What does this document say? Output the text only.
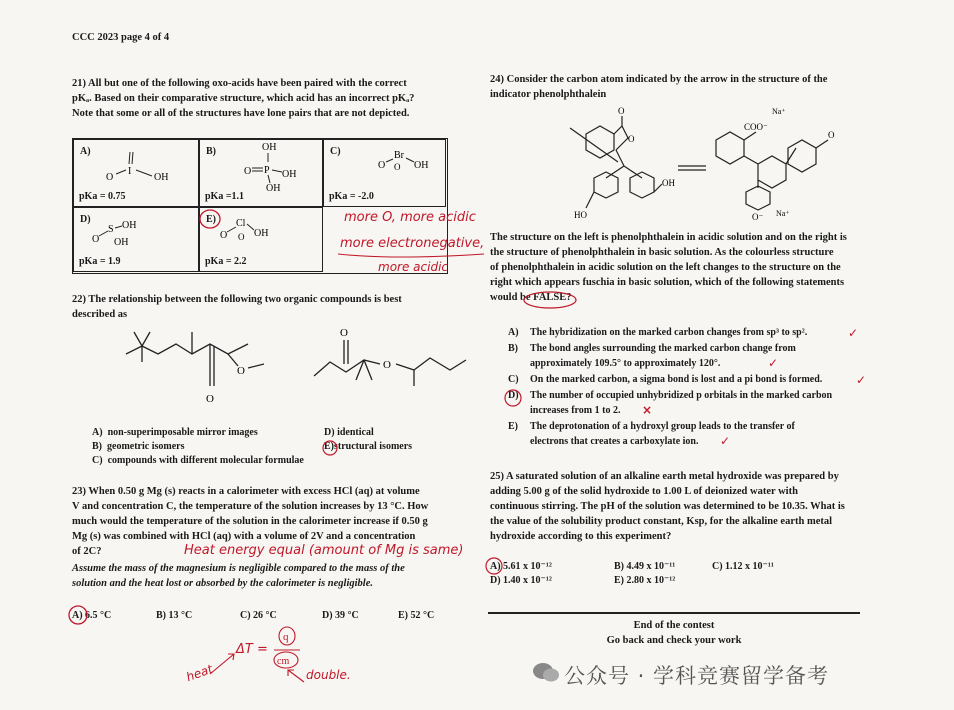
CCC 2023 page 4 of 4
21) All but one of the following oxo-acids have been paired with the correct
pKₐ. Based on their comparative structure, which acid has an incorrect pKₐ?
Note that some or all of the structures have lone pairs that are not depicted.
A)
O
I
OH
pKa = 0.75
B)	OH
O P OH
OH
pKa =1.1
C)
O
Br
O OH
pKa = -2.0
D)
O
S OH
OH
pKa = 1.9
E)
O
Cl
O OH
pKa = 2.2
more O, more acidic
more electronegative,
more acidic
22) The relationship between the following two organic compounds is best
described as
O
O
O
O
A) non-superimposable mirror images
B) geometric isomers
C) compounds with different molecular formulae
D) identical
E)structural isomers
23) When 0.50 g Mg (s) reacts in a calorimeter with excess HCl (aq) at volume
V and concentration C, the temperature of the solution increases by 13 °C. How
much would the temperature of the solution in the calorimeter increase if 0.50 g
Mg (s) was combined with HCl (aq) with a volume of 2V and a concentration
of 2C?
Assume the mass of the magnesium is negligible compared to the mass of the
solution and the heat lost or absorbed by the calorimeter is negligible.
Heat energy equal (amount of Mg is same)
A) 6.5 °C	B) 13 °C	C) 26 °C	D) 39 °C	E) 52 °C
ΔT =
q
cm
heat	double.
24) Consider the carbon atom indicated by the arrow in the structure of the
indicator phenolphthalein
O
O
HO
OH
COO⁻
Na⁺
O
O⁻ Na⁺
The structure on the left is phenolphthalein in acidic solution and on the right is
the structure of phenolphthalein in basic solution. As the colourless structure
of phenolphthalein in acidic solution on the left changes to the structure on the
right which appears fuschia in basic solution, which of the following statements
would be FALSE?
A) The hybridization on the marked carbon changes from sp³ to sp².	✓
B) The bond angles surrounding the marked carbon change from
approximately 109.5° to approximately 120°.	✓
C) On the marked carbon, a sigma bond is lost and a pi bond is formed.	✓
D) The number of occupied unhybridized p orbitals in the marked carbon
increases from 1 to 2. ×
E) The deprotonation of a hydroxyl group leads to the transfer of
electrons that creates a carboxylate ion. ✓
25) A saturated solution of an alkaline earth metal hydroxide was prepared by
adding 5.00 g of the solid hydroxide to 1.00 L of deionized water with
continuous stirring. The pH of the solution was determined to be 10.35. What is
the value of the solubility product constant, Ksp, for the alkaline earth metal
hydroxide according to this experiment?
A) 5.61 x 10⁻¹²	B) 4.49 x 10⁻¹¹	C) 1.12 x 10⁻¹¹
D) 1.40 x 10⁻¹²	E) 2.80 x 10⁻¹²
End of the contest
Go back and check your work
公众号 · 学科竞赛留学备考
